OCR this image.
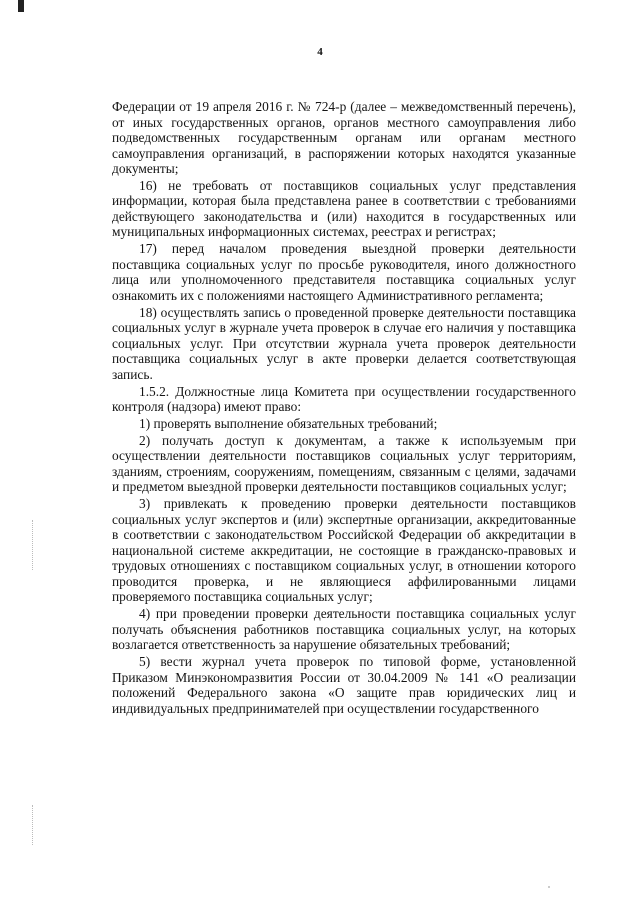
4

Федерации от 19 апреля 2016 г. № 724-р (далее – межведомственный перечень), от иных государственных органов, органов местного самоуправления либо подведомственных государственным органам или органам местного самоуправления организаций, в распоряжении которых находятся указанные документы;

16) не требовать от поставщиков социальных услуг представления информации, которая была представлена ранее в соответствии с требованиями действующего законодательства и (или) находится в государственных или муниципальных информационных системах, реестрах и регистрах;

17) перед началом проведения выездной проверки деятельности поставщика социальных услуг по просьбе руководителя, иного должностного лица или уполномоченного представителя поставщика социальных услуг ознакомить их с положениями настоящего Административного регламента;

18) осуществлять запись о проведенной проверке деятельности поставщика социальных услуг в журнале учета проверок в случае его наличия у поставщика социальных услуг. При отсутствии журнала учета проверок деятельности поставщика социальных услуг в акте проверки делается соответствующая запись.

1.5.2. Должностные лица Комитета при осуществлении государственного контроля (надзора) имеют право:

1) проверять выполнение обязательных требований;

2) получать доступ к документам, а также к используемым при осуществлении деятельности поставщиков социальных услуг территориям, зданиям, строениям, сооружениям, помещениям, связанным с целями, задачами и предметом выездной проверки деятельности поставщиков социальных услуг;

3) привлекать к проведению проверки деятельности поставщиков социальных услуг экспертов и (или) экспертные организации, аккредитованные в соответствии с законодательством Российской Федерации об аккредитации в национальной системе аккредитации, не состоящие в гражданско-правовых и трудовых отношениях с поставщиком социальных услуг, в отношении которого проводится проверка, и не являющиеся аффилированными лицами проверяемого поставщика социальных услуг;

4) при проведении проверки деятельности поставщика социальных услуг получать объяснения работников поставщика социальных услуг, на которых возлагается ответственность за нарушение обязательных требований;

5) вести журнал учета проверок по типовой форме, установленной Приказом Минэкономразвития России от 30.04.2009 № 141 «О реализации положений Федерального закона «О защите прав юридических лиц и индивидуальных предпринимателей при осуществлении государственного
